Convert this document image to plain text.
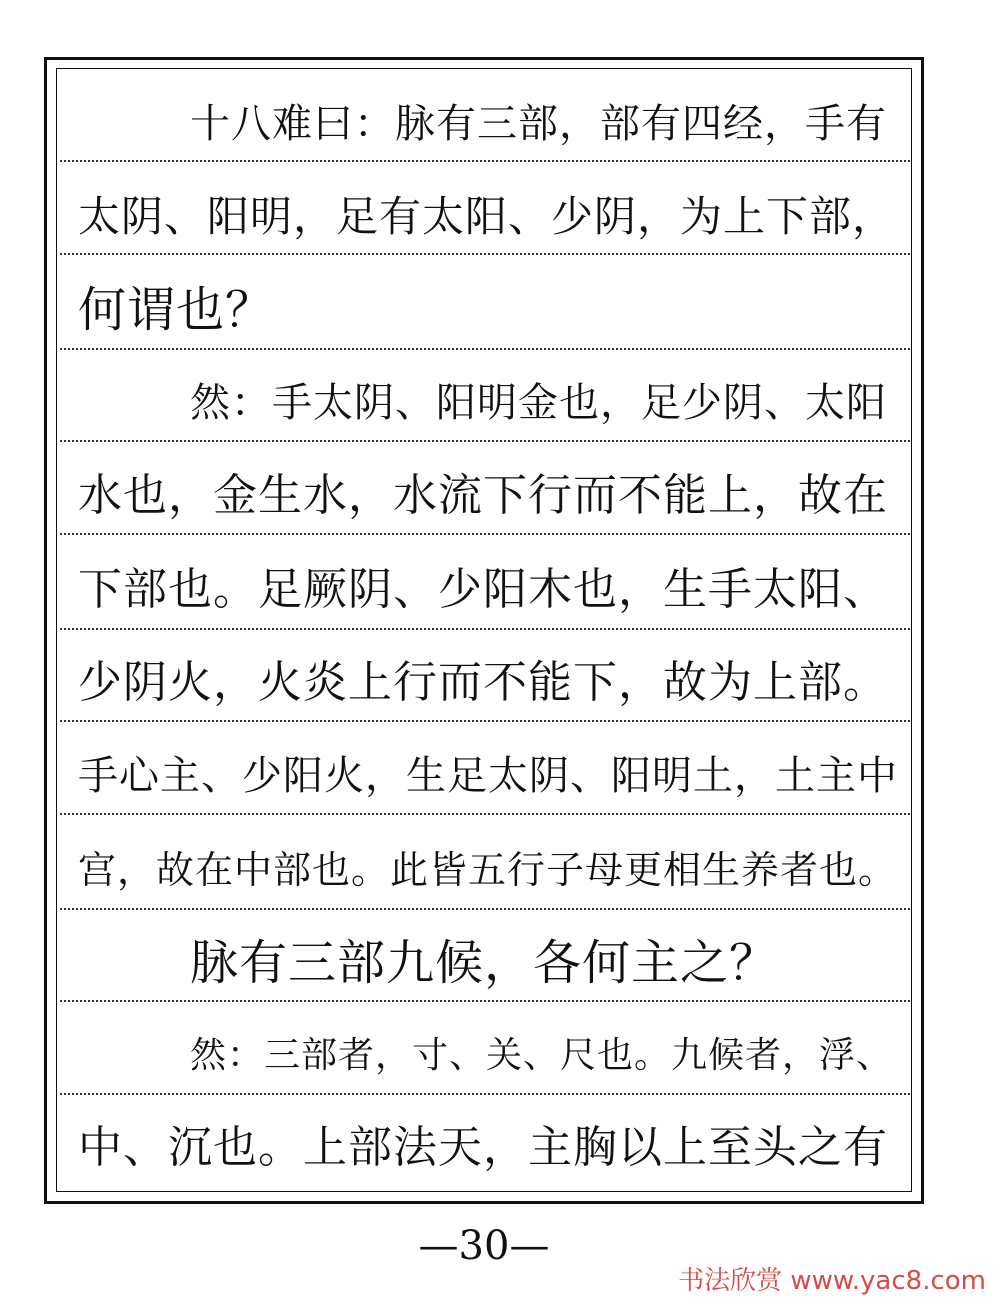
十八难曰：脉有三部，部有四经，手有
太阴、阳明，足有太阳、少阴，为上下部，
何谓也？
然：手太阴、阳明金也，足少阴、太阳
水也，金生水，水流下行而不能上，故在
下部也。足厥阴、少阳木也，生手太阳、
少阴火，火炎上行而不能下，故为上部。
手心主、少阳火，生足太阴、阳明土，土主中
宫，故在中部也。此皆五行子母更相生养者也。
脉有三部九候，各何主之？
然：三部者，寸、关、尺也。九候者，浮、
中、沉也。上部法天，主胸以上至头之有
—30—
书法欣赏 www.yac8.com
